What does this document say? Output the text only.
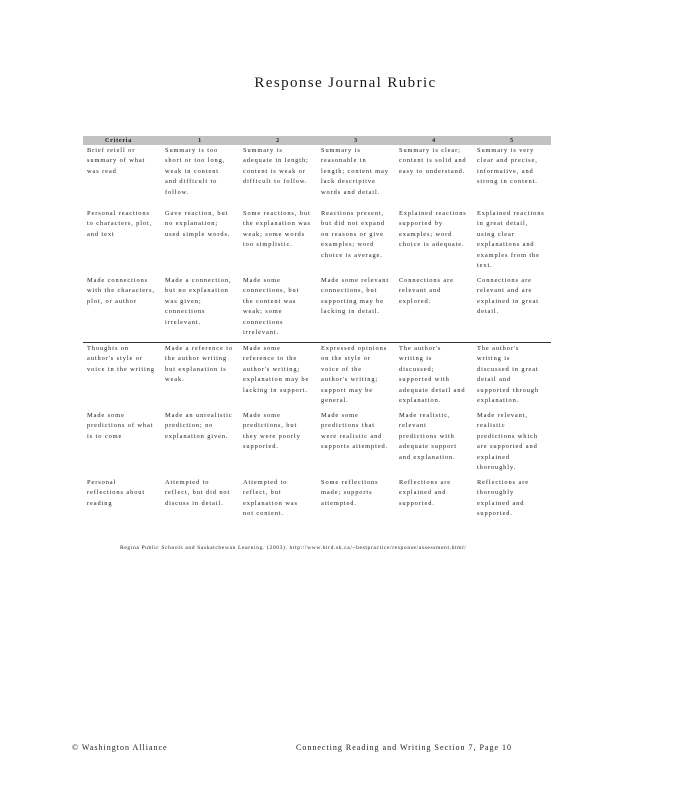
Response Journal Rubric
Criteria	1	2	3	4	5
Brief retell or summary of what was read	Summary is too short or too long, weak in content and difficult to follow.	Summary is adequate in length; content is weak or difficult to follow.	Summary is reasonable in length; content may lack descriptive words and detail.	Summary is clear; content is solid and easy to understand.	Summary is very clear and precise, informative, and strong in content.
Personal reactions to characters, plot, and text	Gave reaction, but no explanation; used simple words.	Some reactions, but the explanation was weak; some words too simplistic.	Reactions present, but did not expand on reasons or give examples; word choice is average.	Explained reactions supported by examples; word choice is adequate.	Explained reactions in great detail, using clear explanations and examples from the text.
Made connections with the characters, plot, or author	Made a connection, but no explanation was given; connections irrelevant.	Made some connections, but the content was weak; some connections irrelevant.	Made some relevant connections, but supporting may be lacking in detail.	Connections are relevant and explored.	Connections are relevant and are explained in great detail.
Thoughts on author's style or voice in the writing	Made a reference to the author writing but explanation is weak.	Made some reference to the author's writing; explanation may be lacking in support.	Expressed opinions on the style or voice of the author's writing; support may be general.	The author's writing is discussed; supported with adequate detail and explanation.	The author's writing is discussed in great detail and supported through explanation.
Made some predictions of what is to come	Made an unrealistic prediction; no explanation given.	Made some predictions, but they were poorly supported.	Made some predictions that were realistic and supports attempted.	Made realistic, relevant predictions with adequate support and explanation.	Made relevant, realistic predictions which are supported and explained thoroughly.
Personal reflections about reading	Attempted to reflect, but did not discuss in detail.	Attempted to reflect, but explanation was not content.	Some reflections made; supports attempted.	Reflections are explained and supported.	Reflections are thoroughly explained and supported.

Regina Public Schools and Saskatchewan Learning. (2003). http://www.bird.sk.ca/~bestpractice/response/assessment.html/

© Washington Alliance	Connecting Reading and Writing Section 7, Page 10
